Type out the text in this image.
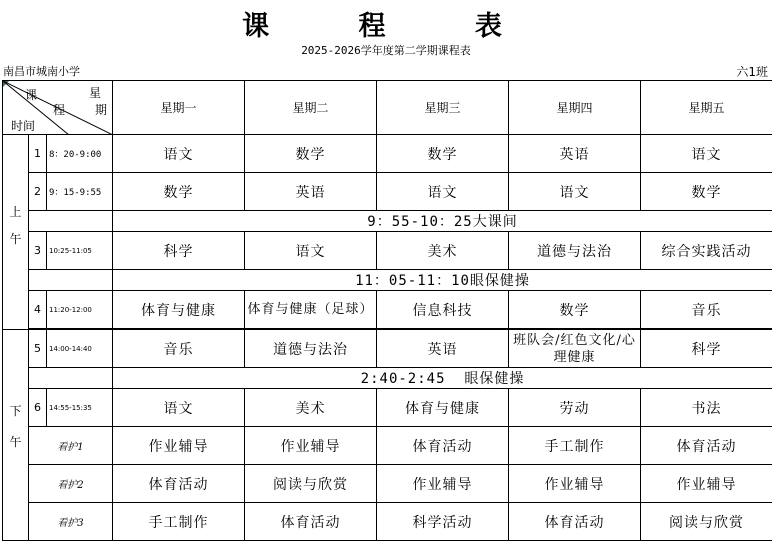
课 程 表
2025-2026学年度第二学期课程表
南昌市城南小学	六1班
课
程
星
期
时间			星期一	星期二	星期三	星期四	星期五

上
午	1	8：20-9:00	语文	数学	数学	英语	语文
	2	9：15-9:55	数学	英语	语文	语文	数学
			9：55-10：25大课间				
	3	10:25-11:05	科学	语文	美术	道德与法治	综合实践活动
			11：05-11：10眼保健操				
	4	11:20-12:00	体育与健康	体育与健康（足球）	信息科技	数学	音乐

下
午	5	14:00-14:40	音乐	道德与法治	英语	班队会/红色文化/心理健康	科学
			2:40-2:45  眼保健操				
	6	14:55-15:35	语文	美术	体育与健康	劳动	书法
	看护1		作业辅导	作业辅导	体育活动	手工制作	体育活动
	看护2		体育活动	阅读与欣赏	作业辅导	作业辅导	作业辅导
	看护3		手工制作	体育活动	科学活动	体育活动	阅读与欣赏
